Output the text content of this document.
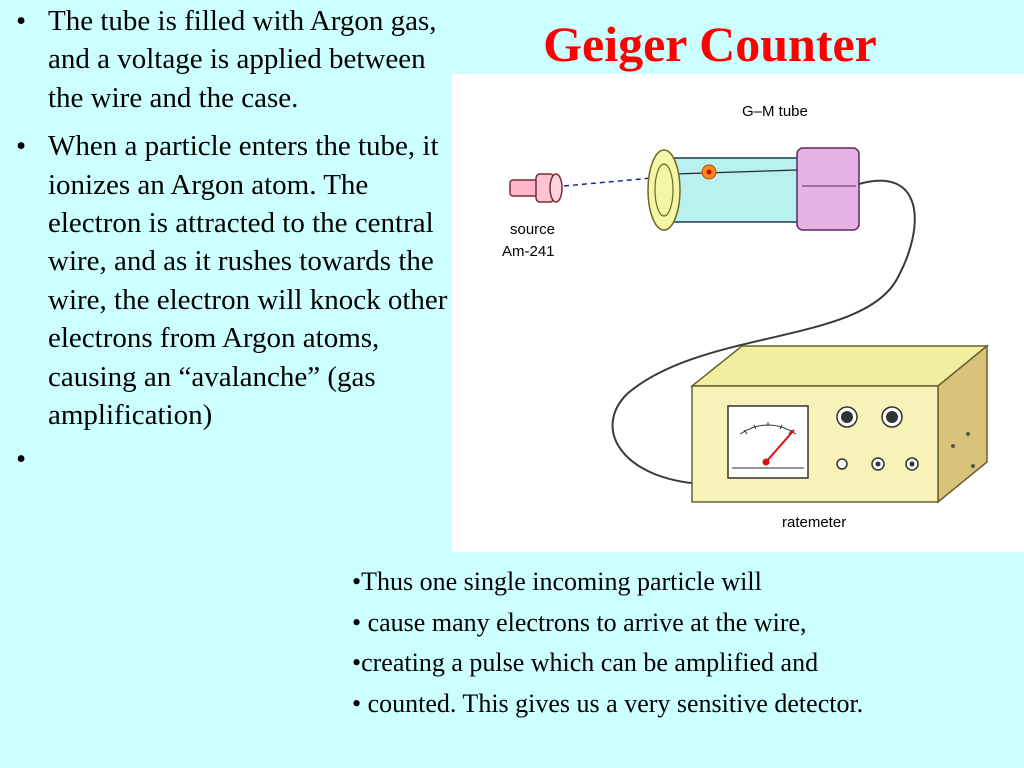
Geiger Counter
• The tube is filled with Argon gas, and a voltage is applied between the wire and the case.
• When a particle enters the tube, it ionizes an Argon atom. The electron is attracted to the central wire, and as it rushes towards the wire, the electron will knock other electrons from Argon atoms, causing an “avalanche” (gas amplification)
•
G–M tube
source
Am-241
ratemeter
•Thus one single incoming particle will
• cause many electrons to arrive at the wire,
•creating a pulse which can be amplified and
• counted. This gives us a very sensitive detector.
